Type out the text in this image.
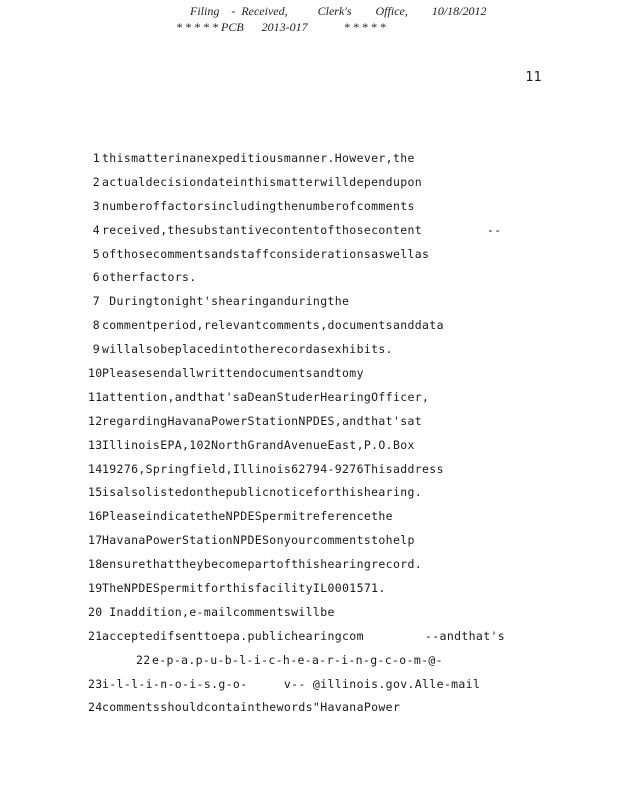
Filing    -  Received,          Clerk's        Office,        10/18/2012
* * * * * PCB      2013-017            * * * * *
11
1 thismatterinanexpeditiousmanner.However,the
2 actualdecisiondateinthismatterwilldependupon
3 numberoffactorsincludingthenumberofcomments
4 received,thesubstantivecontentofthosecontent	--
5 ofthosecommentsandstaffconsiderationsaswellas
6 otherfactors.
7 Duringtonight'shearinganduringthe
8 commentperiod,relevantcomments,documentsanddata
9 willalsobeplacedintotherecordasexhibits.
10 Pleasesendallwrittendocumentsandtomy
11 attention,andthat'saDeanStuderHearingOfficer,
12 regardingHavanaPowerStationNPDES,andthat'sat
13 IllinoisEPA,102NorthGrandAvenueEast,P.O.Box
14 19276,Springfield,Illinois62794-9276Thisaddress
15 isalsolistedonthepublicnoticeforthishearing.
16 PleaseindicatetheNPDESpermitreferencethe
17 HavanaPowerStationNPDESonyourcommentstohelp
18 ensurethattheybecomepartofthishearingrecord.
19 TheNPDESpermitforthisfacilityIL0001571.
20 Inaddition,e-mailcommentswillbe
21 acceptedifsenttoepa.publichearingcom	--andthat's
22 e-p-a.p-u-b-l-i-c-h-e-a-r-i-n-g-c-o-m-@-
23 i-l-l-i-n-o-i-s.g-o-     v-- @illinois.gov.Alle-mail
24 commentsshouldcontainthewords"HavanaPower
